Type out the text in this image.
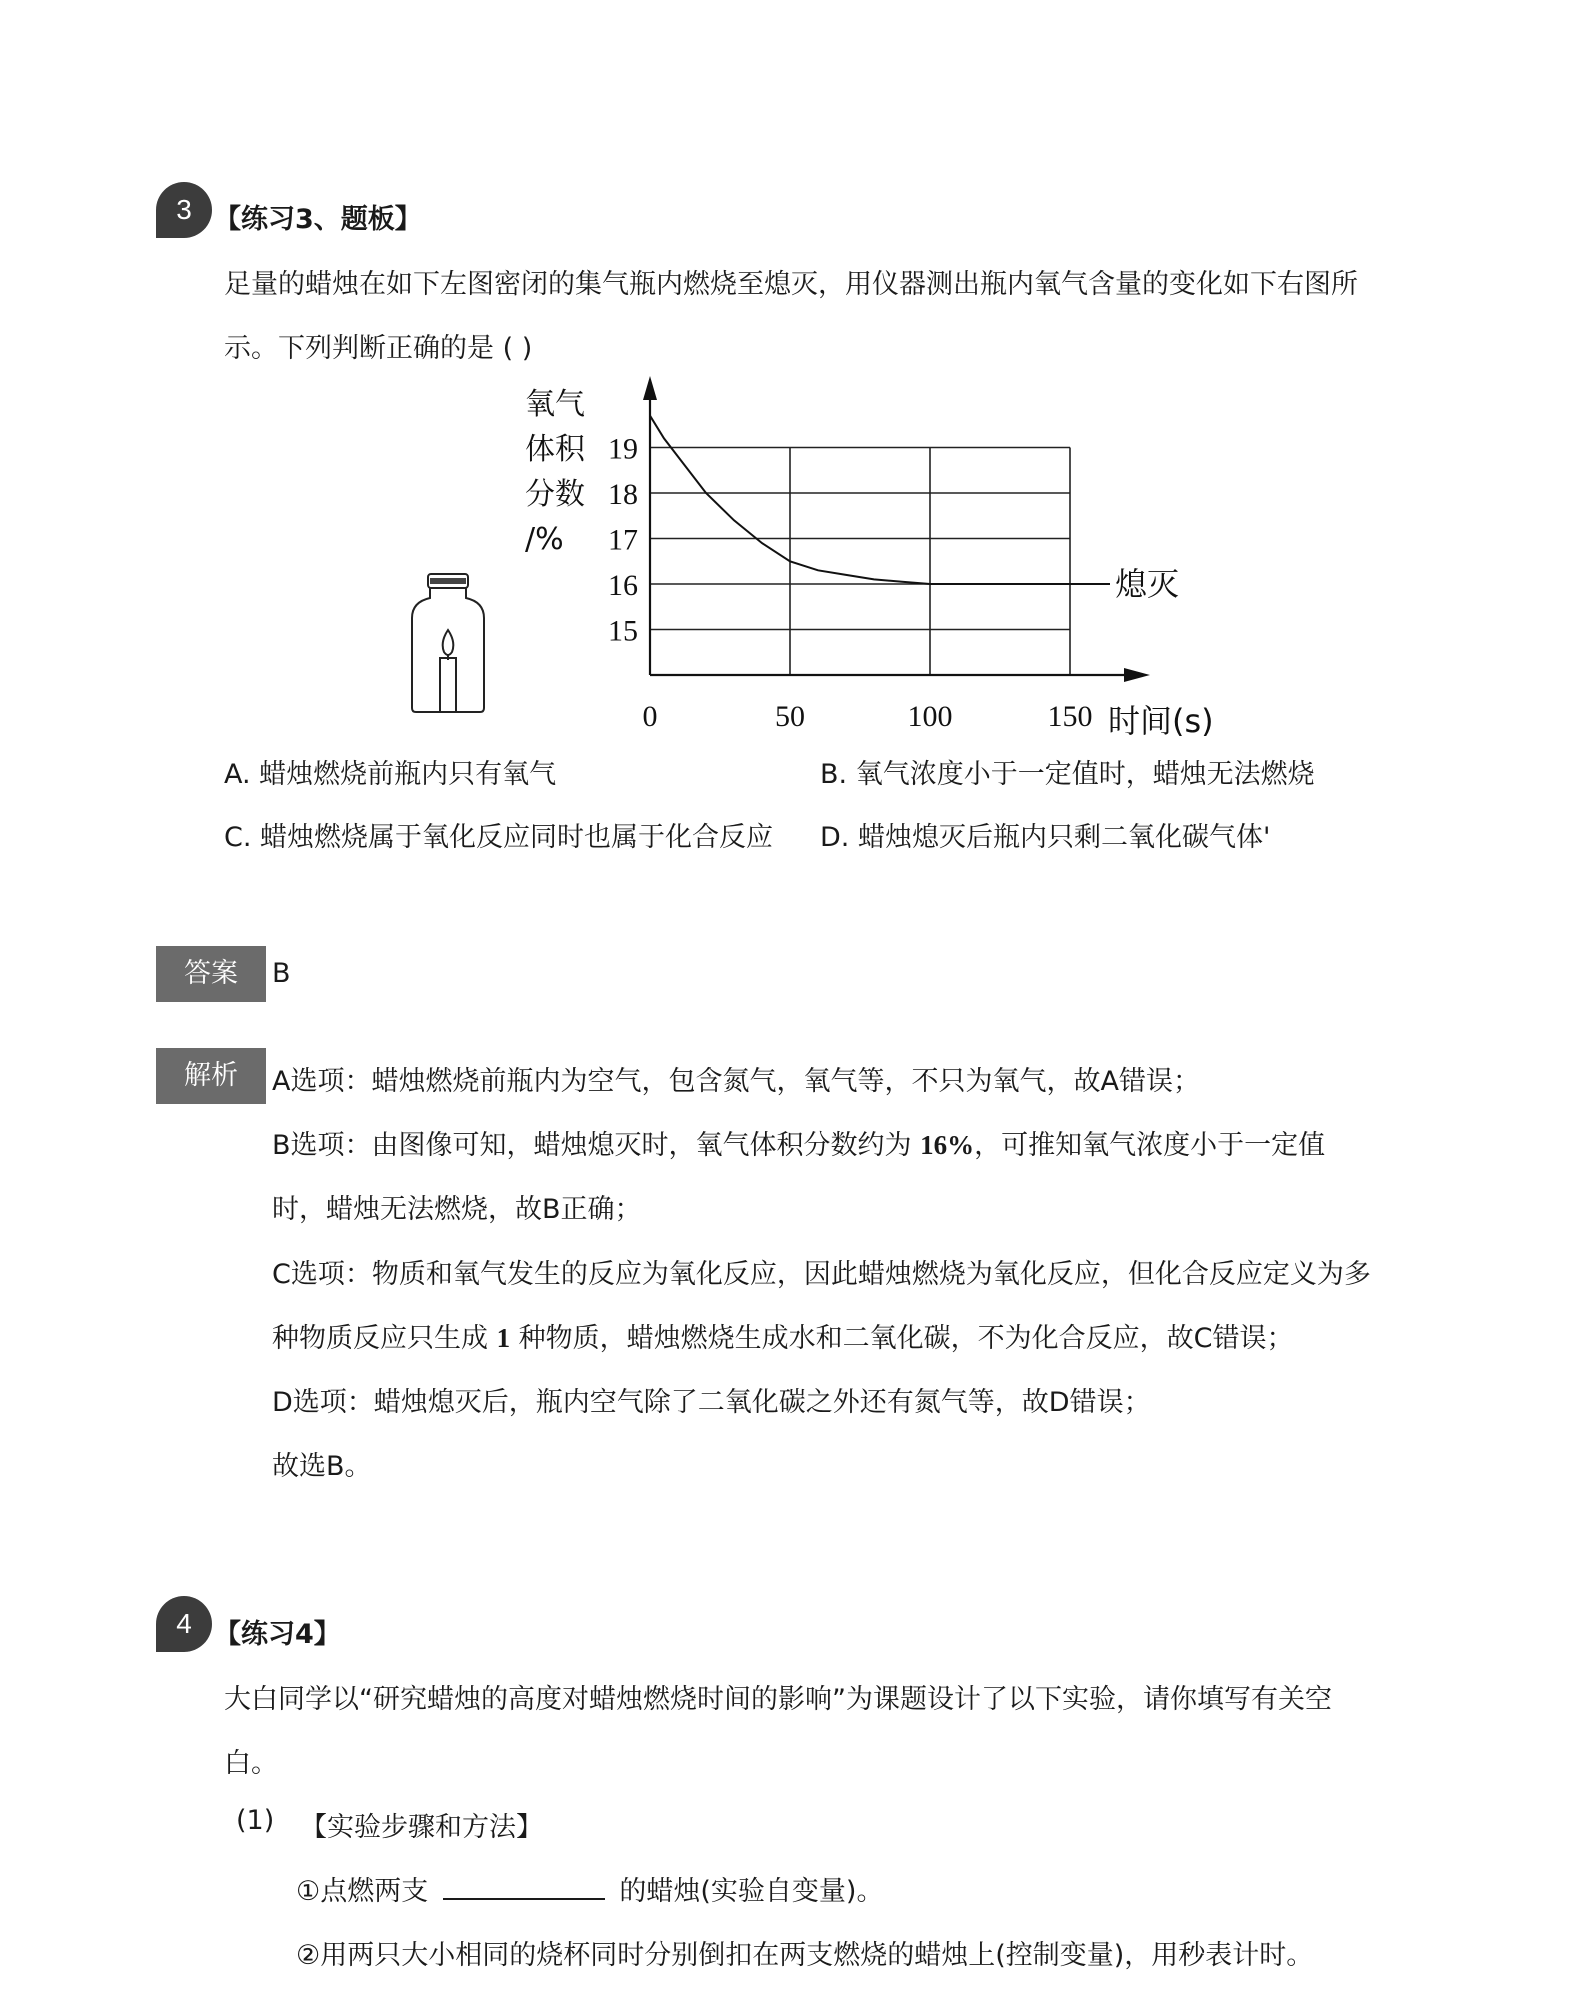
3 【练习3、题板】
足量的蜡烛在如下左图密闭的集气瓶内燃烧至熄灭，用仪器测出瓶内氧气含量的变化如下右图所
示。下列判断正确的是 ( )
氧气
体积
分数
/%
15
16
17
18
19
0	50	100	150 时间(s)
熄灭
A. 蜡烛燃烧前瓶内只有氧气	B. 氧气浓度小于一定值时，蜡烛无法燃烧
C. 蜡烛燃烧属于氧化反应同时也属于化合反应 D. 蜡烛熄灭后瓶内只剩二氧化碳气体'
答案	B
解析	A选项：蜡烛燃烧前瓶内为空气，包含氮气，氧气等，不只为氧气，故A错误；
B选项：由图像可知，蜡烛熄灭时，氧气体积分数约为 16%，可推知氧气浓度小于一定值
时，蜡烛无法燃烧，故B正确；
C选项：物质和氧气发生的反应为氧化反应，因此蜡烛燃烧为氧化反应，但化合反应定义为多
种物质反应只生成 1 种物质，蜡烛燃烧生成水和二氧化碳，不为化合反应，故C错误；
D选项：蜡烛熄灭后，瓶内空气除了二氧化碳之外还有氮气等，故D错误；
故选B。
4 【练习4】
大白同学以“研究蜡烛的高度对蜡烛燃烧时间的影响”为课题设计了以下实验，请你填写有关空
白。
(1) 【实验步骤和方法】
①点燃两支	的蜡烛(实验自变量)。
②用两只大小相同的烧杯同时分别倒扣在两支燃烧的蜡烛上(控制变量)，用秒表计时。
